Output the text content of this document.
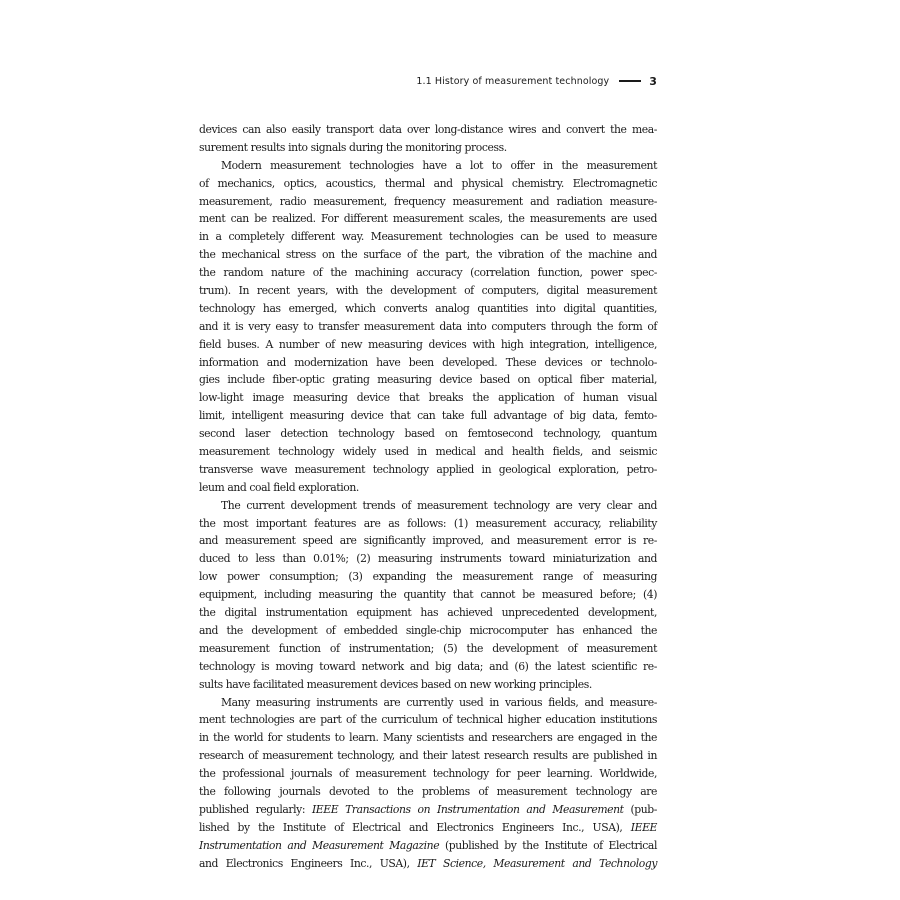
1.1 History of measurement technology	3
devices can also easily transport data over long-distance wires and convert the mea-
surement results into signals during the monitoring process.
Modern measurement technologies have a lot to offer in the measurement
of mechanics, optics, acoustics, thermal and physical chemistry. Electromagnetic
measurement, radio measurement, frequency measurement and radiation measure-
ment can be realized. For different measurement scales, the measurements are used
in a completely different way. Measurement technologies can be used to measure
the mechanical stress on the surface of the part, the vibration of the machine and
the random nature of the machining accuracy (correlation function, power spec-
trum). In recent years, with the development of computers, digital measurement
technology has emerged, which converts analog quantities into digital quantities,
and it is very easy to transfer measurement data into computers through the form of
field buses. A number of new measuring devices with high integration, intelligence,
information and modernization have been developed. These devices or technolo-
gies include fiber-optic grating measuring device based on optical fiber material,
low-light image measuring device that breaks the application of human visual
limit, intelligent measuring device that can take full advantage of big data, femto-
second laser detection technology based on femtosecond technology, quantum
measurement technology widely used in medical and health fields, and seismic
transverse wave measurement technology applied in geological exploration, petro-
leum and coal field exploration.
The current development trends of measurement technology are very clear and
the most important features are as follows: (1) measurement accuracy, reliability
and measurement speed are significantly improved, and measurement error is re-
duced to less than 0.01%; (2) measuring instruments toward miniaturization and
low power consumption; (3) expanding the measurement range of measuring
equipment, including measuring the quantity that cannot be measured before; (4)
the digital instrumentation equipment has achieved unprecedented development,
and the development of embedded single-chip microcomputer has enhanced the
measurement function of instrumentation; (5) the development of measurement
technology is moving toward network and big data; and (6) the latest scientific re-
sults have facilitated measurement devices based on new working principles.
Many measuring instruments are currently used in various fields, and measure-
ment technologies are part of the curriculum of technical higher education institutions
in the world for students to learn. Many scientists and researchers are engaged in the
research of measurement technology, and their latest research results are published in
the professional journals of measurement technology for peer learning. Worldwide,
the following journals devoted to the problems of measurement technology are
published regularly: IEEE Transactions on Instrumentation and Measurement (pub-
lished by the Institute of Electrical and Electronics Engineers Inc., USA), IEEE
Instrumentation and Measurement Magazine (published by the Institute of Electrical
and Electronics Engineers Inc., USA), IET Science, Measurement and Technology
